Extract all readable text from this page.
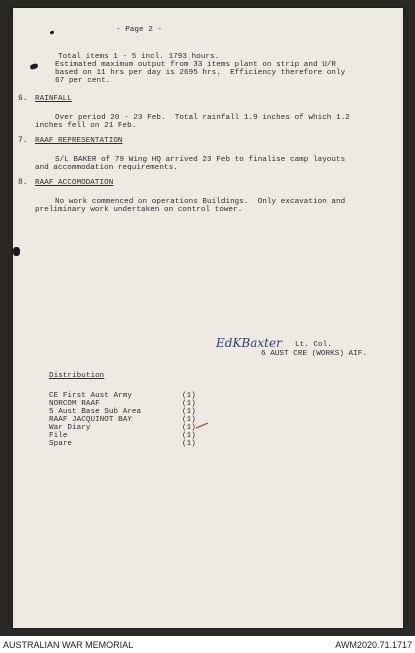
- Page 2 -
Total items 1 - 5 incl. 1793 hours.
Estimated maximum output from 33 items plant on strip and U/R
based on 11 hrs per day is 2695 hrs.  Efficiency therefore only
67 per cent.
6. RAINFALL
Over period 20 - 23 Feb.  Total rainfall 1.9 inches of which 1.2
inches fell on 21 Feb.
7. RAAF REPRESENTATION
S/L BAKER of 79 Wing HQ arrived 23 Feb to finalise camp layouts
and accommodation requirements.
8. RAAF ACCOMODATION
No work commenced on operations Buildings.  Only excavation and
preliminary work undertaken on control tower.
EdKBaxter Lt. Col.
6 AUST CRE (WORKS) AIF.
Distribution
CE First Aust Army	(1)
NORCOM RAAF	(1)
5 Aust Base Sub Area	(1)
RAAF JACQUINOT BAY	(1)
War Diary	(1)
File	(1)
Spare	(1)
AUSTRALIAN WAR MEMORIAL	AWM2020.71.1717
